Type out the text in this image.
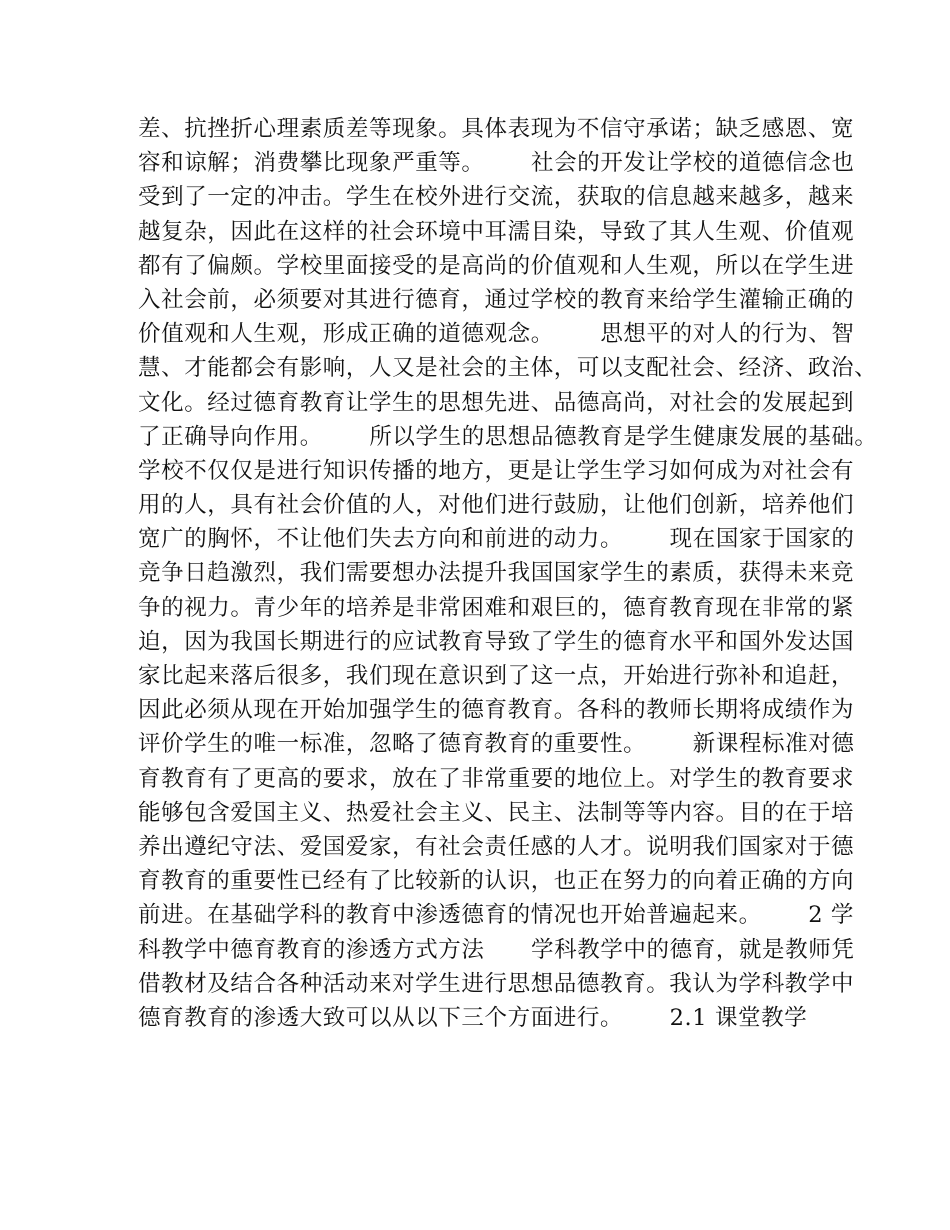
差、抗挫折心理素质差等现象。具体表现为不信守承诺；缺乏感恩、宽
容和谅解；消费攀比现象严重等。      社会的开发让学校的道德信念也
受到了一定的冲击。学生在校外进行交流，获取的信息越来越多，越来
越复杂，因此在这样的社会环境中耳濡目染，导致了其人生观、价值观
都有了偏颇。学校里面接受的是高尚的价值观和人生观，所以在学生进
入社会前，必须要对其进行德育，通过学校的教育来给学生灌输正确的
价值观和人生观，形成正确的道德观念。      思想平的对人的行为、智
慧、才能都会有影响，人又是社会的主体，可以支配社会、经济、政治、
文化。经过德育教育让学生的思想先进、品德高尚，对社会的发展起到
了正确导向作用。      所以学生的思想品德教育是学生健康发展的基础。
学校不仅仅是进行知识传播的地方，更是让学生学习如何成为对社会有
用的人，具有社会价值的人，对他们进行鼓励，让他们创新，培养他们
宽广的胸怀，不让他们失去方向和前进的动力。      现在国家于国家的
竞争日趋激烈，我们需要想办法提升我国国家学生的素质，获得未来竞
争的视力。青少年的培养是非常困难和艰巨的，德育教育现在非常的紧
迫，因为我国长期进行的应试教育导致了学生的德育水平和国外发达国
家比起来落后很多，我们现在意识到了这一点，开始进行弥补和追赶，
因此必须从现在开始加强学生的德育教育。各科的教师长期将成绩作为
评价学生的唯一标准，忽略了德育教育的重要性。      新课程标准对德
育教育有了更高的要求，放在了非常重要的地位上。对学生的教育要求
能够包含爱国主义、热爱社会主义、民主、法制等等内容。目的在于培
养出遵纪守法、爱国爱家，有社会责任感的人才。说明我们国家对于德
育教育的重要性已经有了比较新的认识，也正在努力的向着正确的方向
前进。在基础学科的教育中渗透德育的情况也开始普遍起来。      2 学
科教学中德育教育的渗透方式方法      学科教学中的德育，就是教师凭
借教材及结合各种活动来对学生进行思想品德教育。我认为学科教学中
德育教育的渗透大致可以从以下三个方面进行。      2.1 课堂教学
